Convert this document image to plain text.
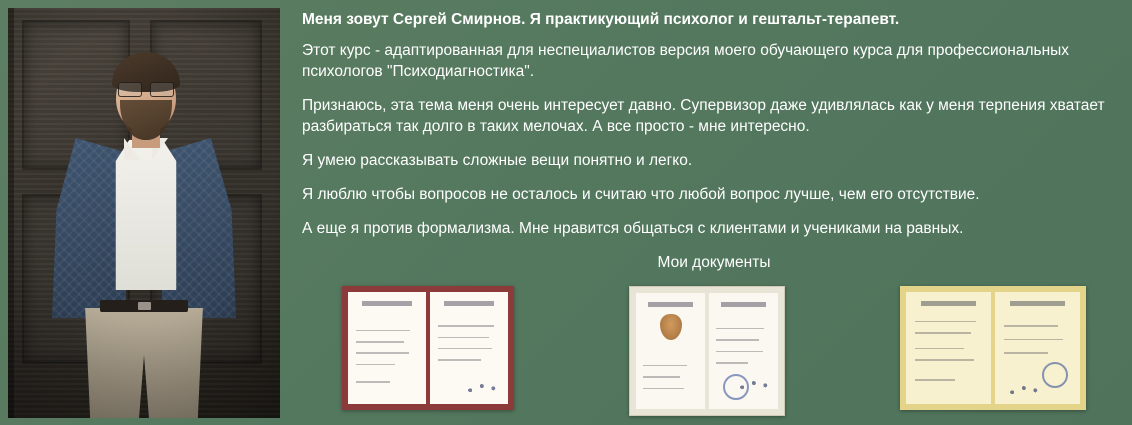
Меня зовут Сергей Смирнов. Я практикующий психолог и гештальт-терапевт.

Этот курс - адаптированная для неспециалистов версия моего обучающего курса для профессиональных психологов "Психодиагностика".

Признаюсь, эта тема меня очень интересует давно. Супервизор даже удивлялась как у меня терпения хватает разбираться так долго в таких мелочах. А все просто - мне интересно.

Я умею рассказывать сложные вещи понятно и легко.

Я люблю чтобы вопросов не осталось и считаю что любой вопрос лучше, чем его отсутствие.

А еще я против формализма. Мне нравится общаться с клиентами и учениками на равных.

Мои документы
